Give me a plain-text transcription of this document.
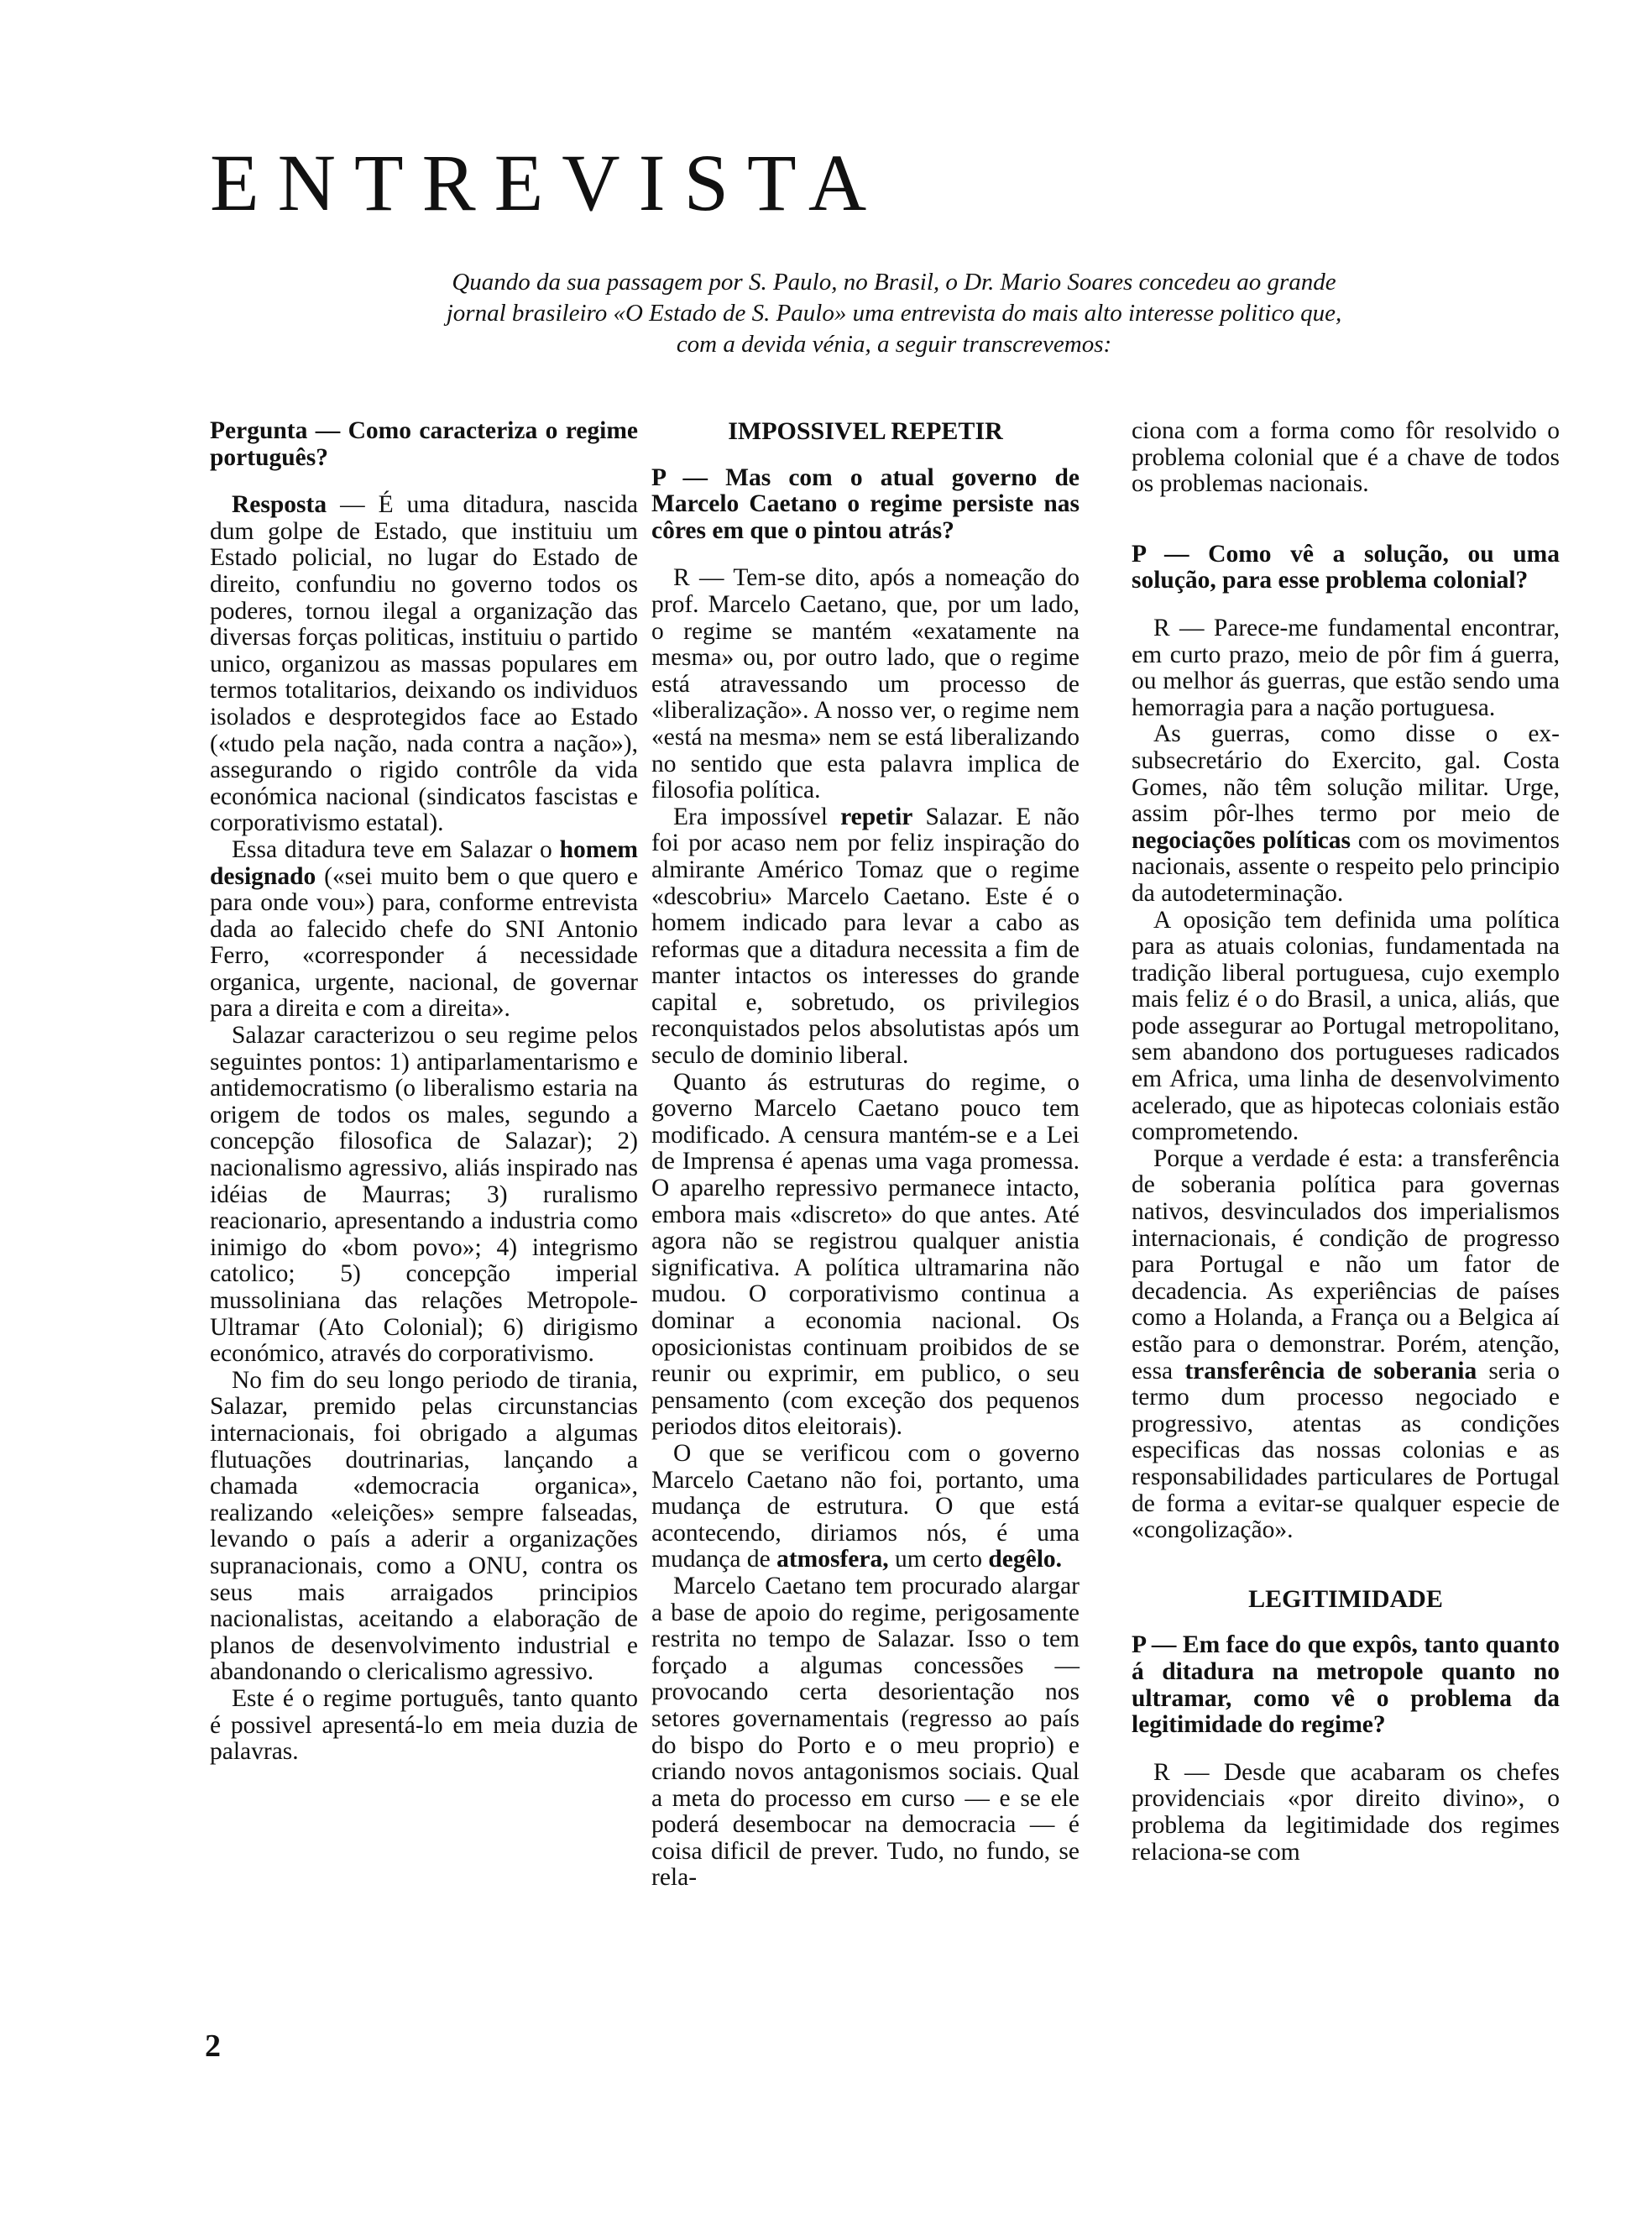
ENTREVISTA

Quando da sua passagem por S. Paulo, no Brasil, o Dr. Mario Soares concedeu ao grande jornal brasileiro «O Estado de S. Paulo» uma entrevista do mais alto interesse politico que, com a devida vénia, a seguir transcrevemos:

Pergunta — Como caracteriza o regime português?

Resposta — É uma ditadura, nascida dum golpe de Estado, que instituiu um Estado policial, no lugar do Estado de direito, confundiu no governo todos os poderes, tornou ilegal a organização das diversas forças politicas, instituiu o partido unico, organizou as massas populares em termos totalitarios, deixando os individuos isolados e desprotegidos face ao Estado («tudo pela nação, nada contra a nação»), assegurando o rigido contrôle da vida económica nacional (sindicatos fascistas e corporativismo estatal).

Essa ditadura teve em Salazar o homem designado («sei muito bem o que quero e para onde vou») para, conforme entrevista dada ao falecido chefe do SNI Antonio Ferro, «corresponder á necessidade organica, urgente, nacional, de governar para a direita e com a direita».

Salazar caracterizou o seu regime pelos seguintes pontos: 1) antiparlamentarismo e antidemocratismo (o liberalismo estaria na origem de todos os males, segundo a concepção filosofica de Salazar); 2) nacionalismo agressivo, aliás inspirado nas idéias de Maurras; 3) ruralismo reacionario, apresentando a industria como inimigo do «bom povo»; 4) integrismo catolico; 5) concepção imperial mussoliniana das relações Metropole-Ultramar (Ato Colonial); 6) dirigismo económico, através do corporativismo.

No fim do seu longo periodo de tirania, Salazar, premido pelas circunstancias internacionais, foi obrigado a algumas flutuações doutrinarias, lançando a chamada «democracia organica», realizando «eleições» sempre falseadas, levando o país a aderir a organizações supranacionais, como a ONU, contra os seus mais arraigados principios nacionalistas, aceitando a elaboração de planos de desenvolvimento industrial e abandonando o clericalismo agressivo.

Este é o regime português, tanto quanto é possivel apresentá-lo em meia duzia de palavras.

IMPOSSIVEL REPETIR

P — Mas com o atual governo de Marcelo Caetano o regime persiste nas côres em que o pintou atrás?

R — Tem-se dito, após a nomeação do prof. Marcelo Caetano, que, por um lado, o regime se mantém «exatamente na mesma» ou, por outro lado, que o regime está atravessando um processo de «liberalização». A nosso ver, o regime nem «está na mesma» nem se está liberalizando no sentido que esta palavra implica de filosofia política.

Era impossível repetir Salazar. E não foi por acaso nem por feliz inspiração do almirante Américo Tomaz que o regime «descobriu» Marcelo Caetano. Este é o homem indicado para levar a cabo as reformas que a ditadura necessita a fim de manter intactos os interesses do grande capital e, sobretudo, os privilegios reconquistados pelos absolutistas após um seculo de dominio liberal.

Quanto ás estruturas do regime, o governo Marcelo Caetano pouco tem modificado. A censura mantém-se e a Lei de Imprensa é apenas uma vaga promessa. O aparelho repressivo permanece intacto, embora mais «discreto» do que antes. Até agora não se registrou qualquer anistia significativa. A política ultramarina não mudou. O corporativismo continua a dominar a economia nacional. Os oposicionistas continuam proibidos de se reunir ou exprimir, em publico, o seu pensamento (com exceção dos pequenos periodos ditos eleitorais).

O que se verificou com o governo Marcelo Caetano não foi, portanto, uma mudança de estrutura. O que está acontecendo, diriamos nós, é uma mudança de atmosfera, um certo degêlo.

Marcelo Caetano tem procurado alargar a base de apoio do regime, perigosamente restrita no tempo de Salazar. Isso o tem forçado a algumas concessões — provocando certa desorientação nos setores governamentais (regresso ao país do bispo do Porto e o meu proprio) e criando novos antagonismos sociais. Qual a meta do processo em curso — e se ele poderá desembocar na democracia — é coisa dificil de prever. Tudo, no fundo, se rela-

ciona com a forma como fôr resolvido o problema colonial que é a chave de todos os problemas nacionais.

P — Como vê a solução, ou uma solução, para esse problema colonial?

R — Parece-me fundamental encontrar, em curto prazo, meio de pôr fim á guerra, ou melhor ás guerras, que estão sendo uma hemorragia para a nação portuguesa.

As guerras, como disse o ex-subsecretário do Exercito, gal. Costa Gomes, não têm solução militar. Urge, assim pôr-lhes termo por meio de negociações políticas com os movimentos nacionais, assente o respeito pelo principio da autodeterminação.

A oposição tem definida uma política para as atuais colonias, fundamentada na tradição liberal portuguesa, cujo exemplo mais feliz é o do Brasil, a unica, aliás, que pode assegurar ao Portugal metropolitano, sem abandono dos portugueses radicados em Africa, uma linha de desenvolvimento acelerado, que as hipotecas coloniais estão comprometendo.

Porque a verdade é esta: a transferência de soberania política para governas nativos, desvinculados dos imperialismos internacionais, é condição de progresso para Portugal e não um fator de decadencia. As experiências de países como a Holanda, a França ou a Belgica aí estão para o demonstrar. Porém, atenção, essa transferência de soberania seria o termo dum processo negociado e progressivo, atentas as condições especificas das nossas colonias e as responsabilidades particulares de Portugal de forma a evitar-se qualquer especie de «congolização».

LEGITIMIDADE

P — Em face do que expôs, tanto quanto á ditadura na metropole quanto no ultramar, como vê o problema da legitimidade do regime?

R — Desde que acabaram os chefes providenciais «por direito divino», o problema da legitimidade dos regimes relaciona-se com

2
